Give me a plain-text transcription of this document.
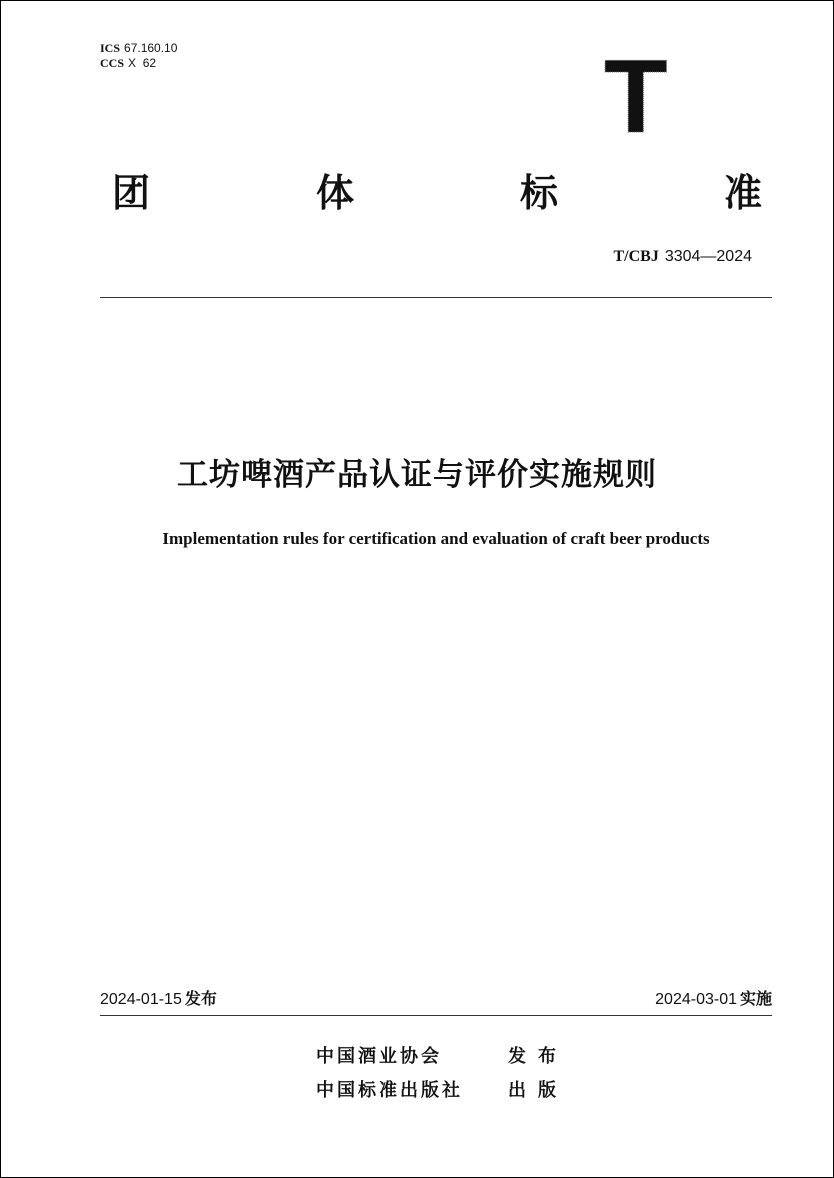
ICS 67.160.10
CCS X  62	T
团	体	标	准
T/CBJ 3304—2024
工坊啤酒产品认证与评价实施规则
Implementation rules for certification and evaluation of craft beer products
2024-01-15 发布	2024-03-01 实施
中国酒业协会	发布
中国标准出版社	出版
